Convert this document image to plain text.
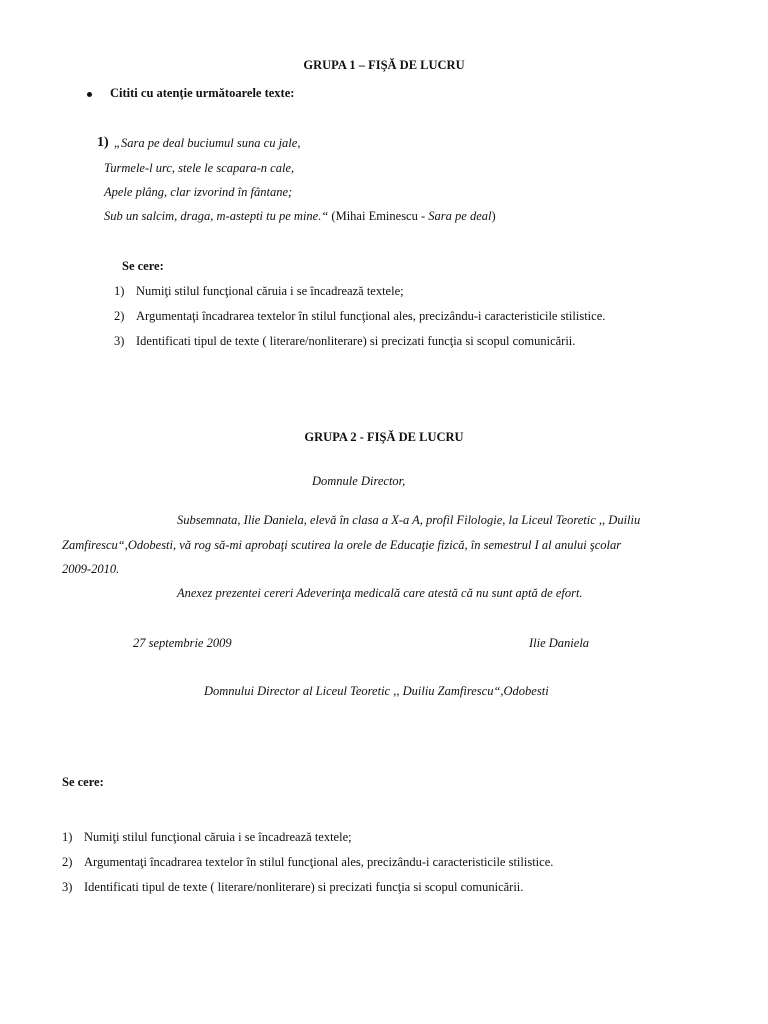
GRUPA 1 – FIŞĂ DE LUCRU
Cititi cu atenţie următoarele texte:
1) „Sara pe deal buciumul suna cu jale,
Turmele-l urc, stele le scapara-n cale,
Apele plâng, clar izvorind în fântane;
Sub un salcim, draga, m-astepti tu pe mine.“ (Mihai Eminescu - Sara pe deal)
Se cere:
1) Numiţi stilul funcţional căruia i se încadrează textele;
2) Argumentaţi încadrarea textelor în stilul funcţional ales, precizându-i caracteristicile stilistice.
3) Identificati tipul de texte ( literare/nonliterare) si precizati funcţia si scopul comunicării.
GRUPA 2 - FIŞĂ DE LUCRU
Domnule Director,
Subsemnata, Ilie Daniela, elevă în clasa a X-a A, profil Filologie, la Liceul Teoretic ,, Duiliu
Zamfirescu“,Odobesti, vă rog să-mi aprobaţi scutirea la orele de Educaţie fizică, în semestrul I al anului şcolar
2009-2010.
Anexez prezentei cereri Adeverinţa medicală care atestă că nu sunt aptă de efort.
27 septembrie 2009	Ilie Daniela
Domnului Director al Liceul Teoretic ,, Duiliu Zamfirescu“,Odobesti
Se cere:
1) Numiţi stilul funcţional căruia i se încadrează textele;
2) Argumentaţi încadrarea textelor în stilul funcţional ales, precizându-i caracteristicile stilistice.
3) Identificati tipul de texte ( literare/nonliterare) si precizati funcţia si scopul comunicării.
